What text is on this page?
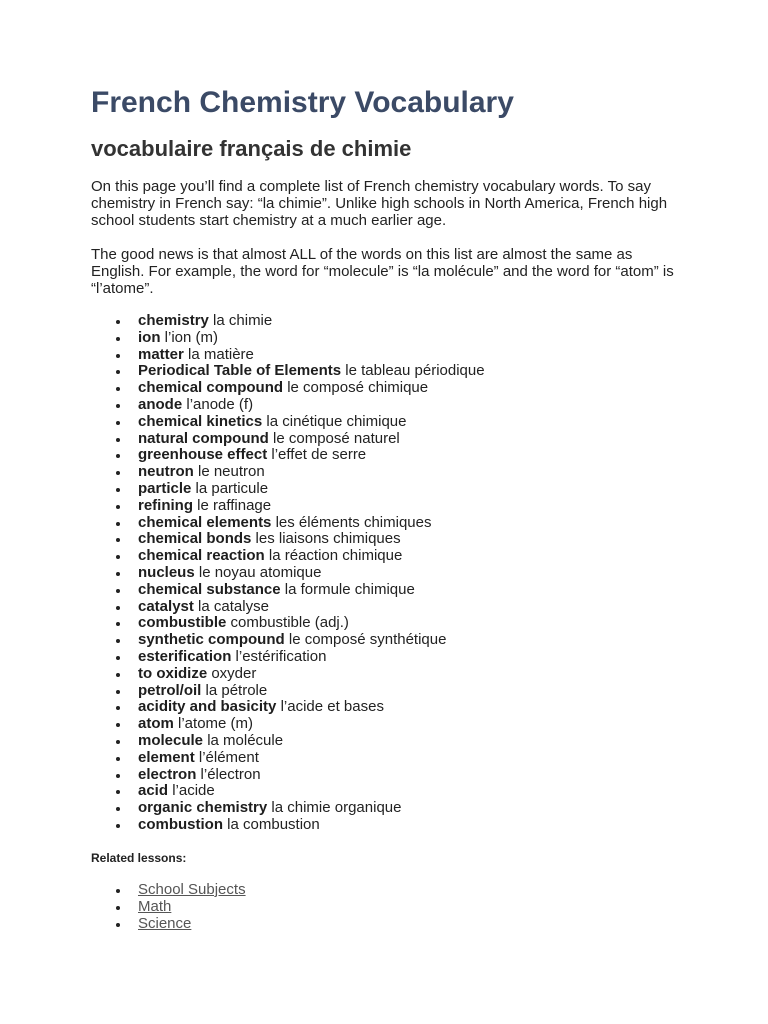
French Chemistry Vocabulary
vocabulaire français de chimie

On this page you’ll find a complete list of French chemistry vocabulary words. To say chemistry in French say: “la chimie”. Unlike high schools in North America, French high school students start chemistry at a much earlier age.

The good news is that almost ALL of the words on this list are almost the same as English. For example, the word for “molecule” is “la molécule” and the word for “atom” is “l’atome”.

chemistry la chimie
ion l’ion (m)
matter la matière
Periodical Table of Elements le tableau périodique
chemical compound le composé chimique
anode l’anode (f)
chemical kinetics la cinétique chimique
natural compound le composé naturel
greenhouse effect l’effet de serre
neutron le neutron
particle la particule
refining le raffinage
chemical elements les éléments chimiques
chemical bonds les liaisons chimiques
chemical reaction la réaction chimique
nucleus le noyau atomique
chemical substance la formule chimique
catalyst la catalyse
combustible combustible (adj.)
synthetic compound le composé synthétique
esterification l’estérification
to oxidize oxyder
petrol/oil la pétrole
acidity and basicity l’acide et bases
atom l’atome (m)
molecule la molécule
element l’élément
electron l’électron
acid l’acide
organic chemistry la chimie organique
combustion la combustion

Related lessons:

School Subjects
Math
Science
